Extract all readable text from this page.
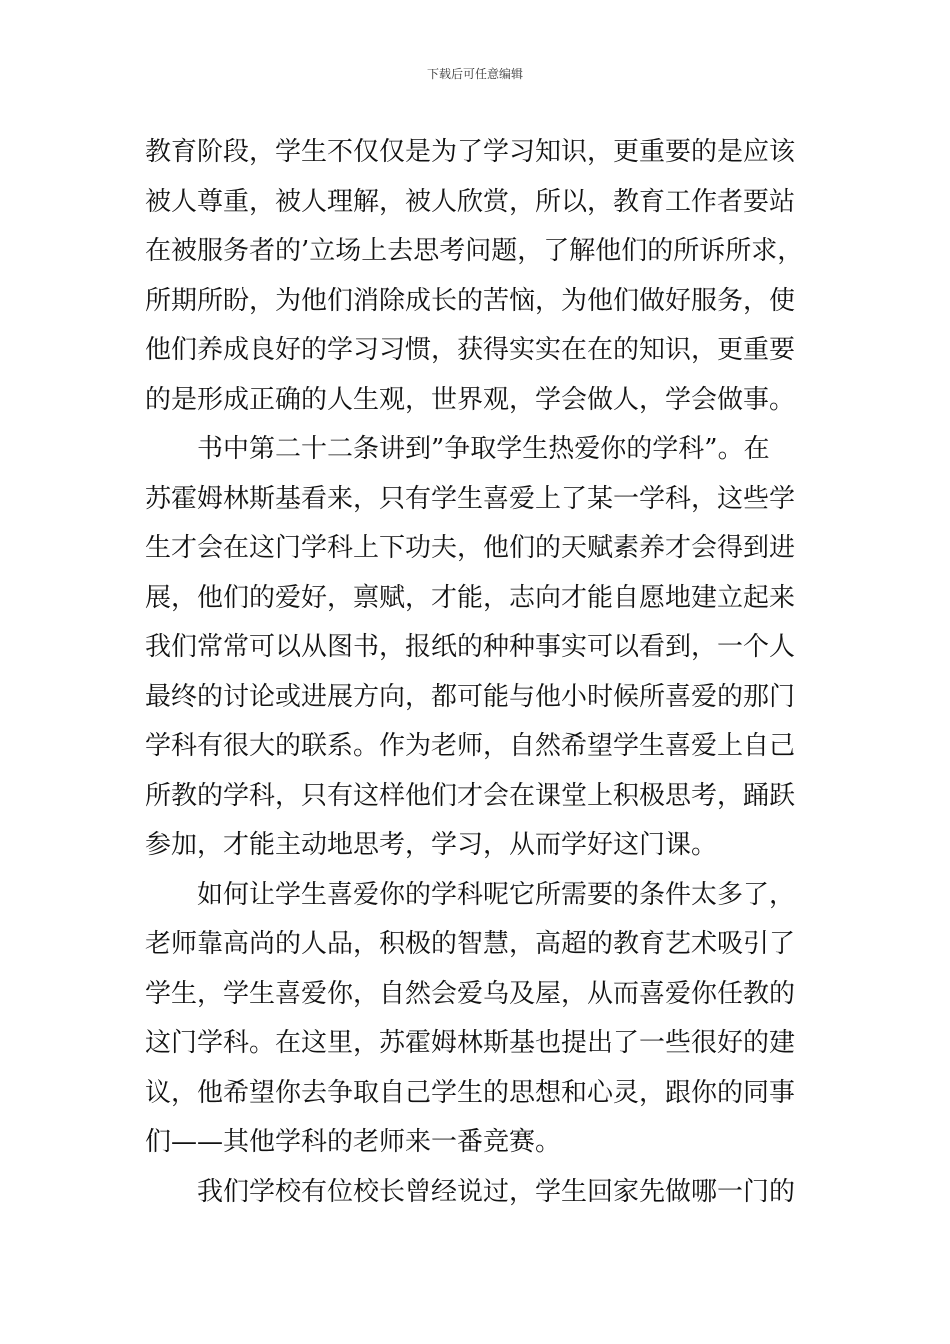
下载后可任意编辑
教育阶段，学生不仅仅是为了学习知识，更重要的是应该
被人尊重，被人理解，被人欣赏，所以，教育工作者要站
在被服务者的’立场上去思考问题，了解他们的所诉所求，
所期所盼，为他们消除成长的苦恼，为他们做好服务，使
他们养成良好的学习习惯，获得实实在在的知识，更重要
的是形成正确的人生观，世界观，学会做人，学会做事。
书中第二十二条讲到”争取学生热爱你的学科”。在
苏霍姆林斯基看来，只有学生喜爱上了某一学科，这些学
生才会在这门学科上下功夫，他们的天赋素养才会得到进
展，他们的爱好，禀赋，才能，志向才能自愿地建立起来
我们常常可以从图书，报纸的种种事实可以看到，一个人
最终的讨论或进展方向，都可能与他小时候所喜爱的那门
学科有很大的联系。作为老师，自然希望学生喜爱上自己
所教的学科，只有这样他们才会在课堂上积极思考，踊跃
参加，才能主动地思考，学习，从而学好这门课。
如何让学生喜爱你的学科呢它所需要的条件太多了，
老师靠高尚的人品，积极的智慧，高超的教育艺术吸引了
学生，学生喜爱你，自然会爱乌及屋，从而喜爱你任教的
这门学科。在这里，苏霍姆林斯基也提出了一些很好的建
议，他希望你去争取自己学生的思想和心灵，跟你的同事
们——其他学科的老师来一番竞赛。
我们学校有位校长曾经说过，学生回家先做哪一门的
